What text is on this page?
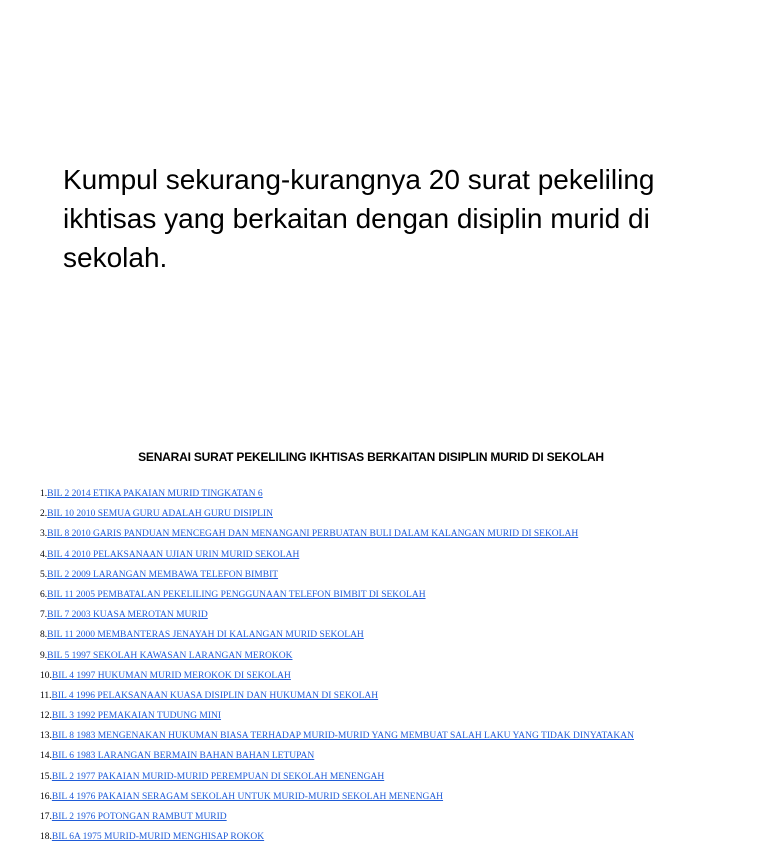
Kumpul sekurang-kurangnya 20 surat pekeliling ikhtisas yang berkaitan dengan disiplin murid di sekolah.
SENARAI SURAT PEKELILING IKHTISAS BERKAITAN DISIPLIN MURID DI SEKOLAH
1.BIL 2 2014 ETIKA PAKAIAN MURID TINGKATAN 6
2.BIL 10 2010 SEMUA GURU ADALAH GURU DISIPLIN
3.BIL 8 2010 GARIS PANDUAN MENCEGAH DAN MENANGANI PERBUATAN BULI DALAM KALANGAN MURID DI SEKOLAH
4.BIL 4 2010 PELAKSANAAN UJIAN URIN MURID SEKOLAH
5.BIL 2 2009 LARANGAN MEMBAWA TELEFON BIMBIT
6.BIL 11 2005 PEMBATALAN PEKELILING PENGGUNAAN TELEFON BIMBIT DI SEKOLAH
7.BIL 7 2003 KUASA MEROTAN MURID
8.BIL 11 2000 MEMBANTERAS JENAYAH DI KALANGAN MURID SEKOLAH
9.BIL 5 1997 SEKOLAH KAWASAN LARANGAN MEROKOK
10.BIL 4 1997 HUKUMAN MURID MEROKOK DI SEKOLAH
11.BIL 4 1996 PELAKSANAAN KUASA DISIPLIN DAN HUKUMAN DI SEKOLAH
12.BIL 3 1992 PEMAKAIAN TUDUNG MINI
13.BIL 8 1983 MENGENAKAN HUKUMAN BIASA TERHADAP MURID-MURID YANG MEMBUAT SALAH LAKU YANG TIDAK DINYATAKAN
14.BIL 6 1983 LARANGAN BERMAIN BAHAN BAHAN LETUPAN
15.BIL 2 1977 PAKAIAN MURID-MURID PEREMPUAN DI SEKOLAH MENENGAH
16.BIL 4 1976 PAKAIAN SERAGAM SEKOLAH UNTUK MURID-MURID SEKOLAH MENENGAH
17.BIL 2 1976 POTONGAN RAMBUT MURID
18.BIL 6A 1975 MURID-MURID MENGHISAP ROKOK
